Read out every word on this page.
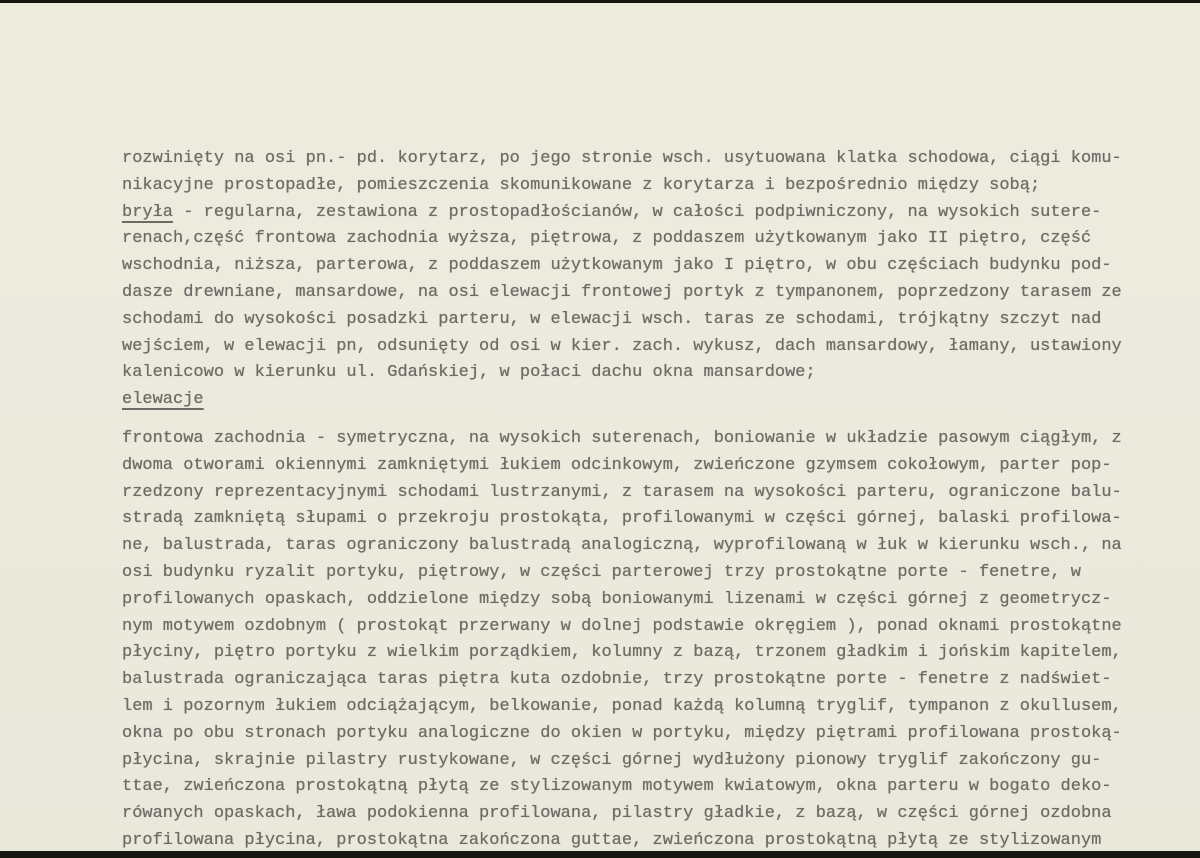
rozwinięty na osi pn.- pd. korytarz, po jego stronie wsch. usytuowana klatka schodowa, ciągi komu-
nikacyjne prostopadłe, pomieszczenia skomunikowane z korytarza i bezpośrednio między sobą;
bryła - regularna, zestawiona z prostopadłościanów, w całości podpiwniczony, na wysokich sutere-
renach,część frontowa zachodnia wyższa, piętrowa, z poddaszem użytkowanym jako II piętro, część
wschodnia, niższa, parterowa, z poddaszem użytkowanym jako I piętro, w obu częściach budynku pod-
dasze drewniane, mansardowe, na osi elewacji frontowej portyk z tympanonem, poprzedzony tarasem ze
schodami do wysokości posadzki parteru, w elewacji wsch. taras ze schodami, trójkątny szczyt nad
wejściem, w elewacji pn, odsunięty od osi w kier. zach. wykusz, dach mansardowy, łamany, ustawiony
kalenicowo w kierunku ul. Gdańskiej, w połaci dachu okna mansardowe;
elewacje
frontowa zachodnia - symetryczna, na wysokich suterenach, boniowanie w układzie pasowym ciągłym, z
dwoma otworami okiennymi zamkniętymi łukiem odcinkowym, zwieńczone gzymsem cokołowym, parter pop-
rzedzony reprezentacyjnymi schodami lustrzanymi, z tarasem na wysokości parteru, ograniczone balu-
stradą zamkniętą słupami o przekroju prostokąta, profilowanymi w części górnej, balaski profilowa-
ne, balustrada, taras ograniczony balustradą analogiczną, wyprofilowaną w łuk w kierunku wsch., na
osi budynku ryzalit portyku, piętrowy, w części parterowej trzy prostokątne porte - fenetre, w
profilowanych opaskach, oddzielone między sobą boniowanymi lizenami w części górnej z geometrycz-
nym motywem ozdobnym ( prostokąt przerwany w dolnej podstawie okręgiem ), ponad oknami prostokątne
płyciny, piętro portyku z wielkim porządkiem, kolumny z bazą, trzonem gładkim i jońskim kapitelem,
balustrada ograniczająca taras piętra kuta ozdobnie, trzy prostokątne porte - fenetre z nadświet-
lem i pozornym łukiem odciążającym, belkowanie, ponad każdą kolumną tryglif, tympanon z okullusem,
okna po obu stronach portyku analogiczne do okien w portyku, między piętrami profilowana prostoką-
płycina, skrajnie pilastry rustykowane, w części górnej wydłużony pionowy tryglif zakończony gu-
ttae, zwieńczona prostokątną płytą ze stylizowanym motywem kwiatowym, okna parteru w bogato deko-
rówanych opaskach, ława podokienna profilowana, pilastry gładkie, z bazą, w części górnej ozdobna
profilowana płycina, prostokątna zakończona guttae, zwieńczona prostokątną płytą ze stylizowanym
